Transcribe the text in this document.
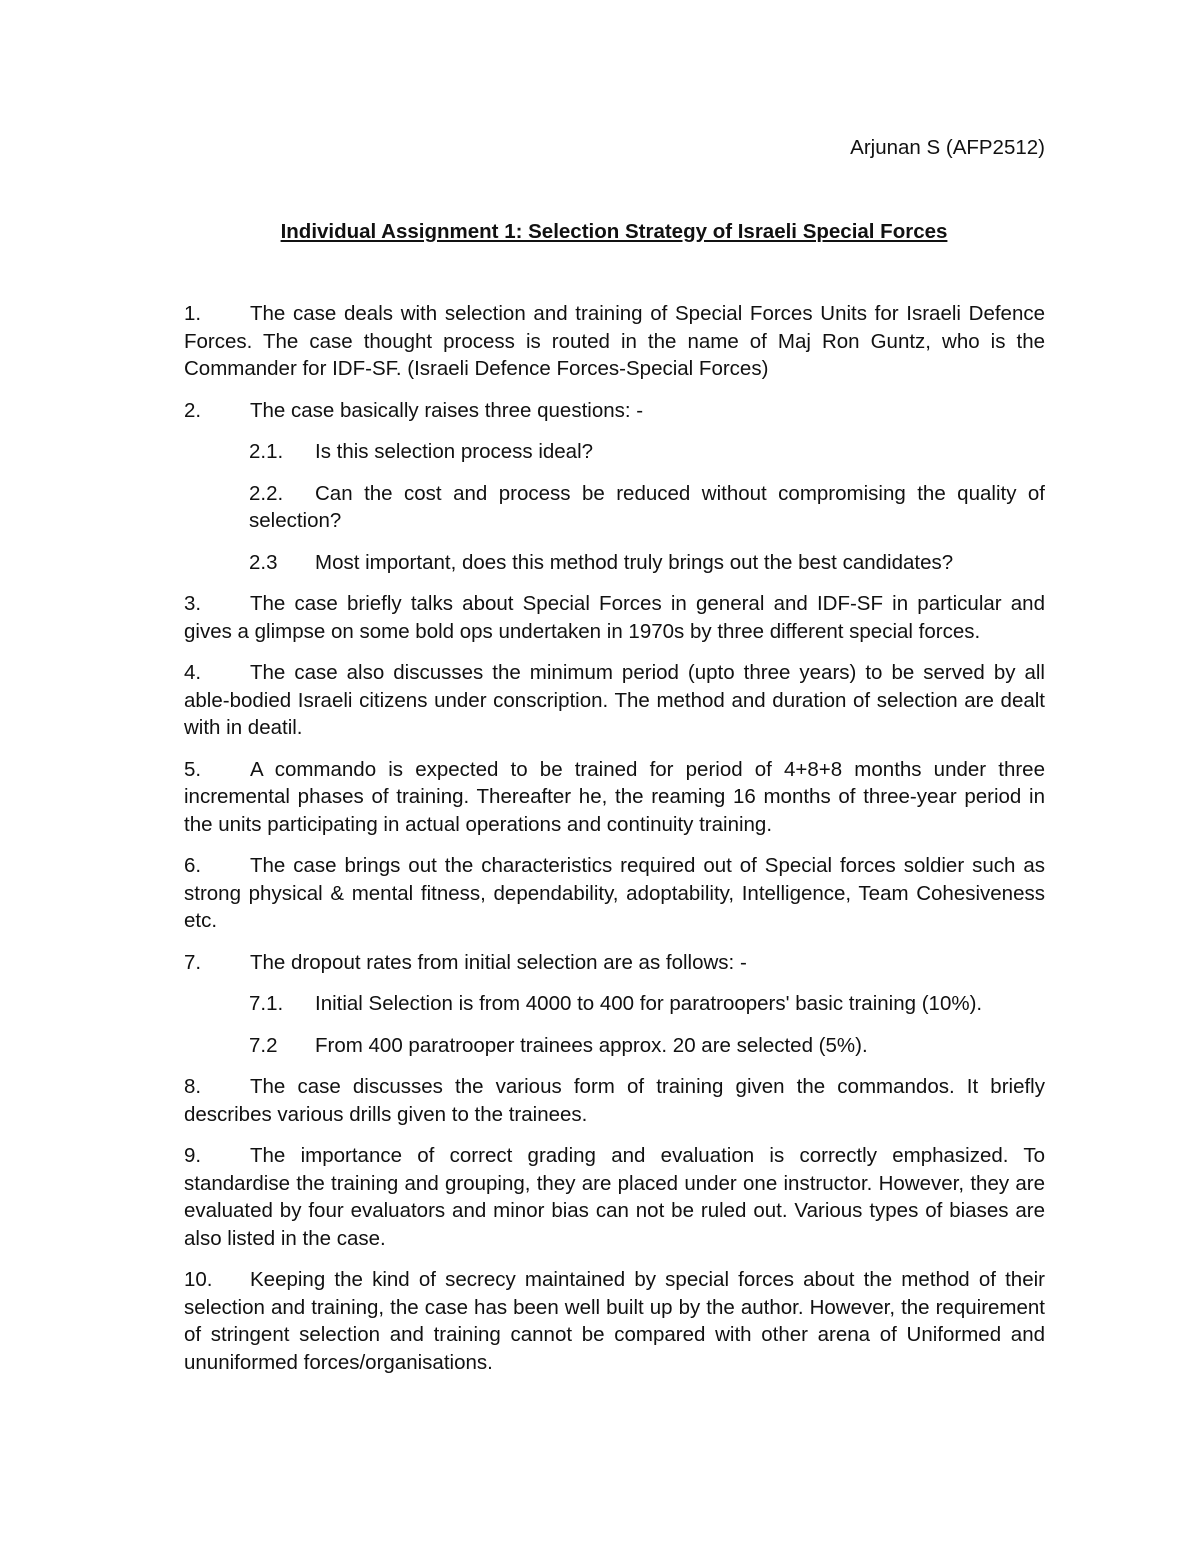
Arjunan S (AFP2512)
Individual Assignment 1: Selection Strategy of Israeli Special Forces

1. The case deals with selection and training of Special Forces Units for Israeli Defence Forces. The case thought process is routed in the name of Maj Ron Guntz, who is the Commander for IDF-SF. (Israeli Defence Forces-Special Forces)

2. The case basically raises three questions: -

2.1. Is this selection process ideal?

2.2. Can the cost and process be reduced without compromising the quality of selection?

2.3 Most important, does this method truly brings out the best candidates?

3. The case briefly talks about Special Forces in general and IDF-SF in particular and gives a glimpse on some bold ops undertaken in 1970s by three different special forces.

4. The case also discusses the minimum period (upto three years) to be served by all able-bodied Israeli citizens under conscription. The method and duration of selection are dealt with in deatil.

5. A commando is expected to be trained for period of 4+8+8 months under three incremental phases of training. Thereafter he, the reaming 16 months of three-year period in the units participating in actual operations and continuity training.

6. The case brings out the characteristics required out of Special forces soldier such as strong physical & mental fitness, dependability, adoptability, Intelligence, Team Cohesiveness etc.

7. The dropout rates from initial selection are as follows: -

7.1. Initial Selection is from 4000 to 400 for paratroopers' basic training (10%).

7.2 From 400 paratrooper trainees approx. 20 are selected (5%).

8. The case discusses the various form of training given the commandos. It briefly describes various drills given to the trainees.

9. The importance of correct grading and evaluation is correctly emphasized. To standardise the training and grouping, they are placed under one instructor. However, they are evaluated by four evaluators and minor bias can not be ruled out. Various types of biases are also listed in the case.

10. Keeping the kind of secrecy maintained by special forces about the method of their selection and training, the case has been well built up by the author. However, the requirement of stringent selection and training cannot be compared with other arena of Uniformed and ununiformed forces/organisations.
